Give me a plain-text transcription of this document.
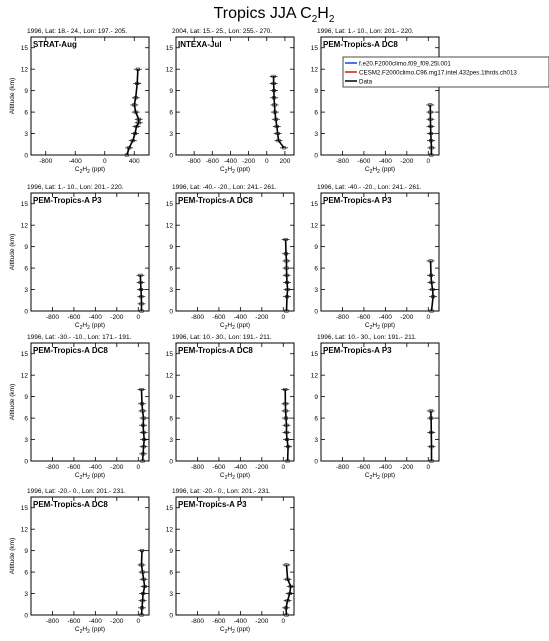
Tropics JJA $C_2H_2$
1996, Lat: 18.- 24., Lon: 197.- 205.
0
3
6
9
12
15
-800	-400	0	400
$C_2H_2$ (ppt)
Altitude (km)
STRAT-Aug
2004, Lat: 15.- 25., Lon: 255.- 270.
0
3
6
9
12
15
-800 -600 -400 -200 0 200
$C_2H_2$ (ppt)
INTEXA-Jul
1996, Lat: 1.- 10., Lon: 201.- 220.
0
3
6
9
12
15
-800 -600 -400 -200 0
$C_2H_2$ (ppt)
PEM-Tropics-A DC8
1996, Lat: 1.- 10., Lon: 201.- 220.
0
3
6
9
12
15
-800 -600 -400 -200 0
$C_2H_2$ (ppt)
Altitude (km)
PEM-Tropics-A P3
1996, Lat: -40.- -20., Lon: 241.- 261.
0
3
6
9
12
15
-800 -600 -400 -200 0
$C_2H_2$ (ppt)
PEM-Tropics-A DC8
1996, Lat: -40.- -20., Lon: 241.- 261.
0
3
6
9
12
15
-800 -600 -400 -200 0
$C_2H_2$ (ppt)
PEM-Tropics-A P3
1996, Lat: -30.- -10., Lon: 171.- 191.
0
3
6
9
12
15
-800 -600 -400 -200 0
$C_2H_2$ (ppt)
Altitude (km)
PEM-Tropics-A DC8
1996, Lat: 10.- 30., Lon: 191.- 211.
0
3
6
9
12
15
-800 -600 -400 -200 0
$C_2H_2$ (ppt)
PEM-Tropics-A DC8
1996, Lat: 10.- 30., Lon: 191.- 211.
0
3
6
9
12
15
-800 -600 -400 -200 0
$C_2H_2$ (ppt)
PEM-Tropics-A P3
1996, Lat: -20.- 0., Lon: 201.- 231.
0
3
6
9
12
15
-800 -600 -400 -200 0
$C_2H_2$ (ppt)
Altitude (km)
PEM-Tropics-A DC8
1996, Lat: -20.- 0., Lon: 201.- 231.
0
3
6
9
12
15
-800 -600 -400 -200 0
$C_2H_2$ (ppt)
PEM-Tropics-A P3
f.e20.F2000climo.f09_f09.25l.001
CESM2.F2000climo.C96.mg17.intel.432pes.1thrds.ch013
Data
